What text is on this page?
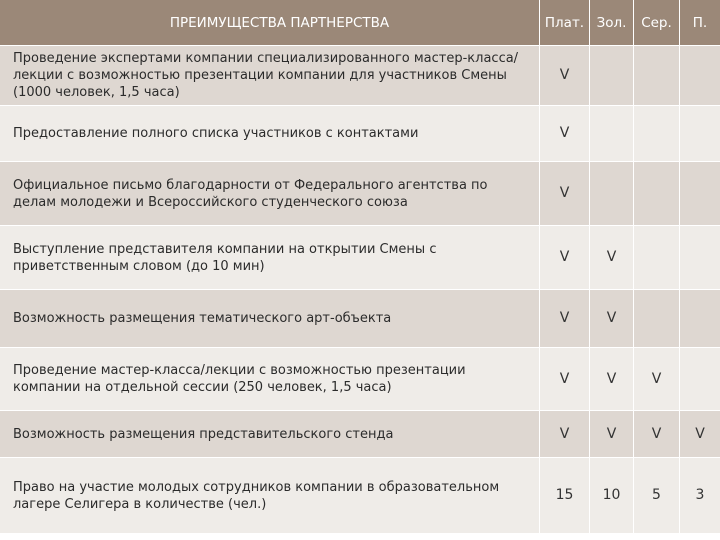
ПРЕИМУЩЕСТВА ПАРТНЕРСТВА	Плат.	Зол.	Сер.	П.
Проведение экспертами компании специализированного мастер-класса/лекции с возможностью презентации компании для участников Смены (1000 человек, 1,5 часа)	V			
Предоставление полного списка участников с контактами	V			
Официальное письмо благодарности от Федерального агентства по делам молодежи и Всероссийского студенческого союза	V			
Выступление представителя компании на открытии Смены с приветственным словом (до 10 мин)	V	V		
Возможность размещения тематического арт-объекта	V	V		
Проведение мастер-класса/лекции с возможностью презентации компании на отдельной сессии (250 человек, 1,5 часа)	V	V	V	
Возможность размещения представительского стенда	V	V	V	V
Право на участие молодых сотрудников компании в образовательном лагере Селигера в количестве (чел.)	15	10	5	3
